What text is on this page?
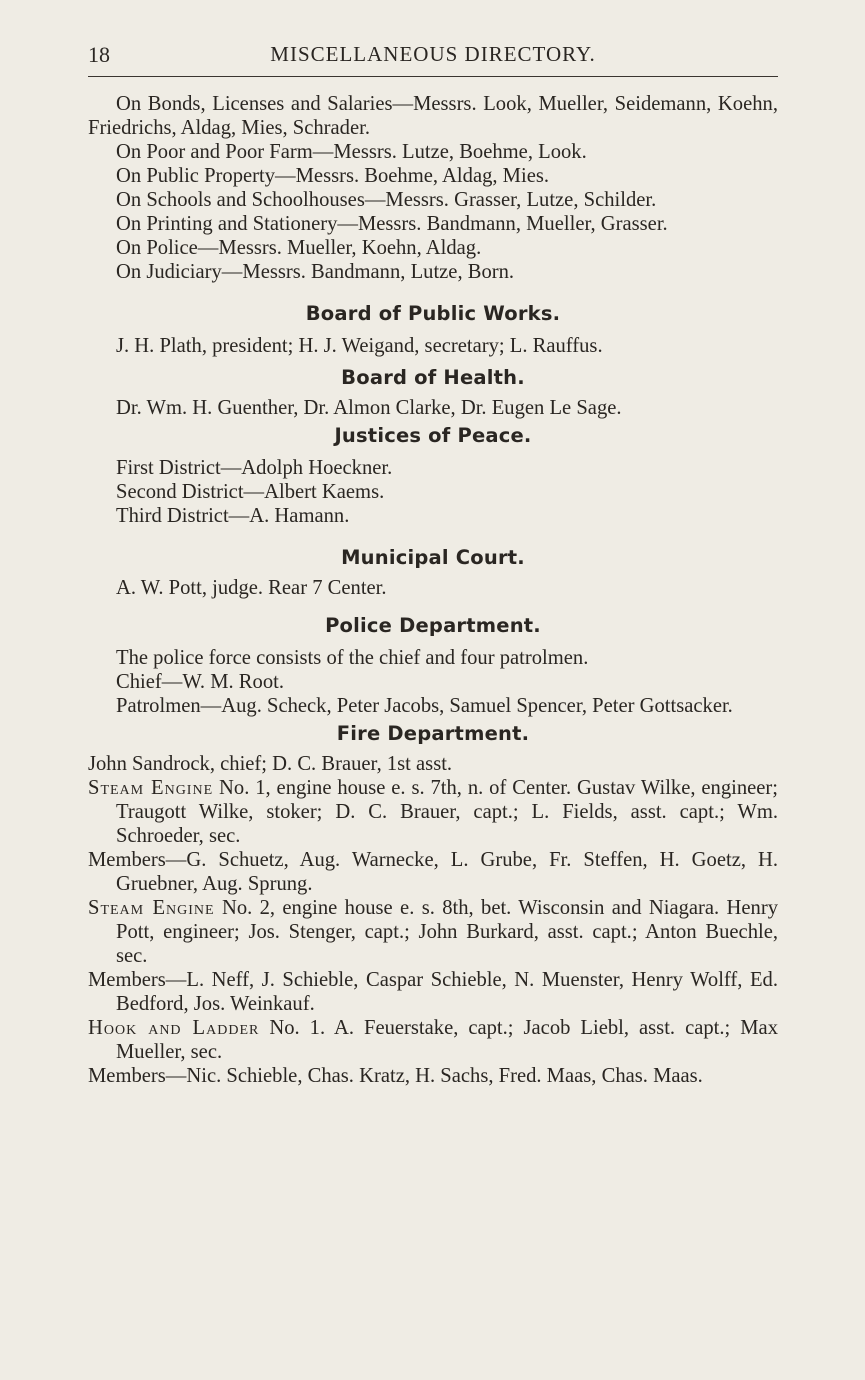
18	MISCELLANEOUS DIRECTORY.

On Bonds, Licenses and Salaries—Messrs. Look, Mueller, Seidemann, Koehn, Friedrichs, Aldag, Mies, Schrader.

On Poor and Poor Farm—Messrs. Lutze, Boehme, Look.

On Public Property—Messrs. Boehme, Aldag, Mies.

On Schools and Schoolhouses—Messrs. Grasser, Lutze, Schilder.

On Printing and Stationery—Messrs. Bandmann, Mueller, Grasser.

On Police—Messrs. Mueller, Koehn, Aldag.

On Judiciary—Messrs. Bandmann, Lutze, Born.

Board of Public Works.

J. H. Plath, president; H. J. Weigand, secretary; L. Rauffus.

Board of Health.

Dr. Wm. H. Guenther, Dr. Almon Clarke, Dr. Eugen Le Sage.

Justices of Peace.

First District—Adolph Hoeckner.

Second District—Albert Kaems.

Third District—A. Hamann.

Municipal Court.

A. W. Pott, judge. Rear 7 Center.

Police Department.

The police force consists of the chief and four patrolmen.

Chief—W. M. Root.

Patrolmen—Aug. Scheck, Peter Jacobs, Samuel Spencer, Peter Gottsacker.

Fire Department.

John Sandrock, chief; D. C. Brauer, 1st asst.

Steam Engine No. 1, engine house e. s. 7th, n. of Center. Gustav Wilke, engineer; Traugott Wilke, stoker; D. C. Brauer, capt.; L. Fields, asst. capt.; Wm. Schroeder, sec.

Members—G. Schuetz, Aug. Warnecke, L. Grube, Fr. Steffen, H. Goetz, H. Gruebner, Aug. Sprung.

Steam Engine No. 2, engine house e. s. 8th, bet. Wisconsin and Niagara. Henry Pott, engineer; Jos. Stenger, capt.; John Burkard, asst. capt.; Anton Buechle, sec.

Members—L. Neff, J. Schieble, Caspar Schieble, N. Muenster, Henry Wolff, Ed. Bedford, Jos. Weinkauf.

Hook and Ladder No. 1. A. Feuerstake, capt.; Jacob Liebl, asst. capt.; Max Mueller, sec.

Members—Nic. Schieble, Chas. Kratz, H. Sachs, Fred. Maas, Chas. Maas.
